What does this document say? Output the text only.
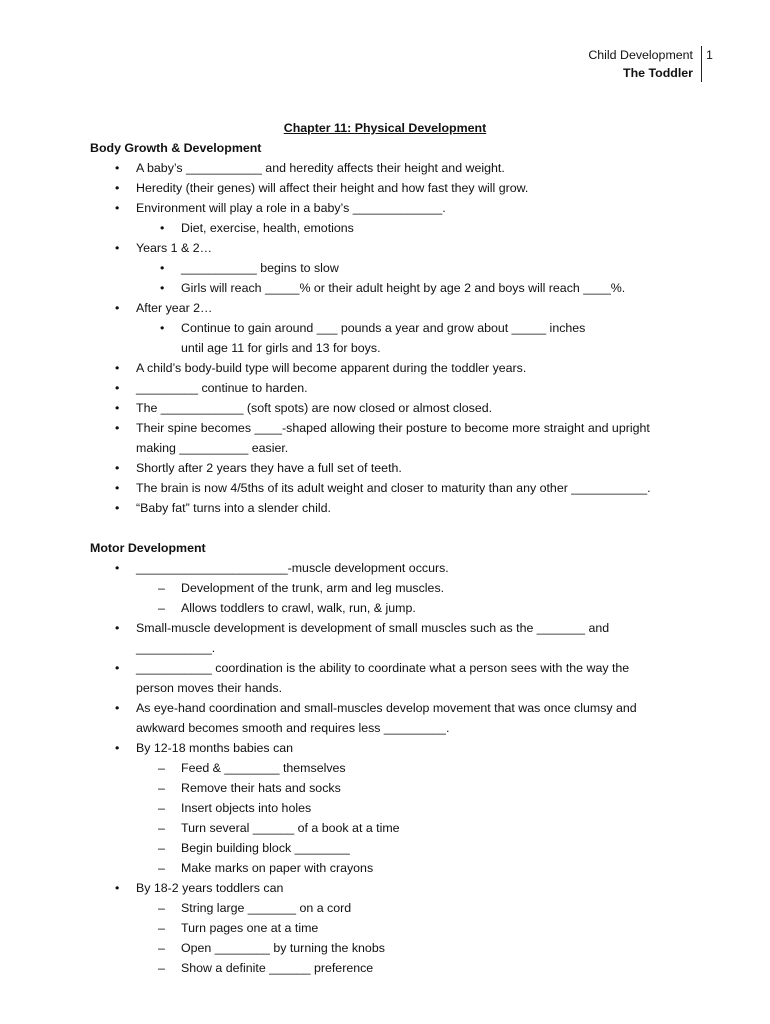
Child Development
The Toddler
1
Chapter 11: Physical Development
Body Growth & Development
• A baby’s ___________ and heredity affects their height and weight.
• Heredity (their genes) will affect their height and how fast they will grow.
• Environment will play a role in a baby’s _____________.
• Diet, exercise, health, emotions
• Years 1 & 2…
• ___________ begins to slow
• Girls will reach _____% or their adult height by age 2 and boys will reach ____%.
• After year 2…
• Continue to gain around ___ pounds a year and grow about _____ inches until age 11 for girls and 13 for boys.
• A child’s body-build type will become apparent during the toddler years.
• _________ continue to harden.
• The ____________ (soft spots) are now closed or almost closed.
• Their spine becomes ____-shaped allowing their posture to become more straight and upright making __________ easier.
• Shortly after 2 years they have a full set of teeth.
• The brain is now 4/5ths of its adult weight and closer to maturity than any other ___________.
• “Baby fat” turns into a slender child.
Motor Development
• ______________________-muscle development occurs.
– Development of the trunk, arm and leg muscles.
– Allows toddlers to crawl, walk, run, & jump.
• Small-muscle development is development of small muscles such as the _______ and ___________.
• ___________ coordination is the ability to coordinate what a person sees with the way the person moves their hands.
• As eye-hand coordination and small-muscles develop movement that was once clumsy and awkward becomes smooth and requires less _________.
• By 12-18 months babies can
– Feed & ________ themselves
– Remove their hats and socks
– Insert objects into holes
– Turn several ______ of a book at a time
– Begin building block ________
– Make marks on paper with crayons
• By 18-2 years toddlers can
– String large _______ on a cord
– Turn pages one at a time
– Open ________ by turning the knobs
– Show a definite ______ preference
